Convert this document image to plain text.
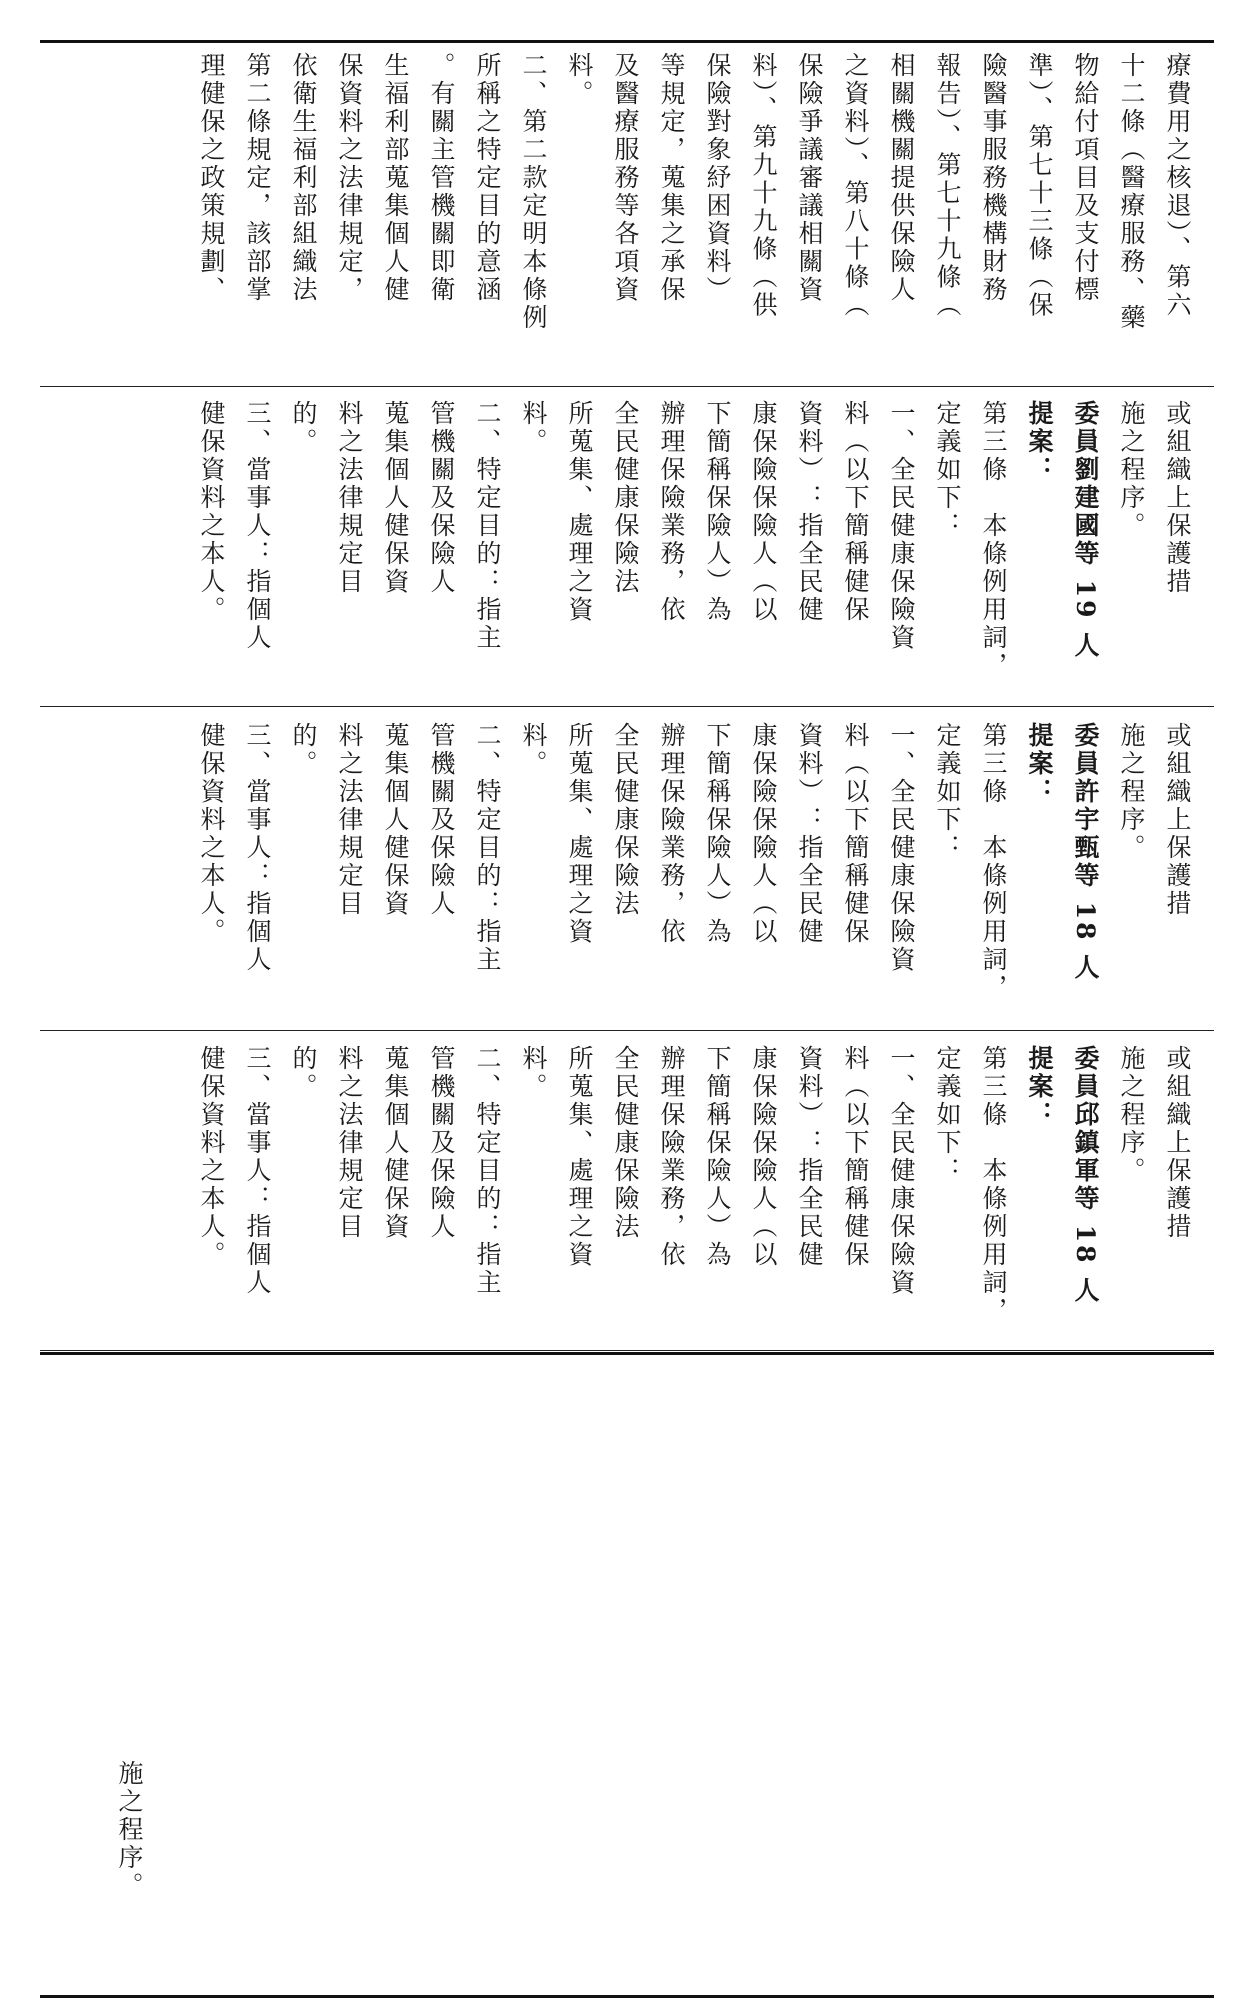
療費用之核退）、第六
十二條（醫療服務、藥
物給付項目及支付標
準）、第七十三條（保
險醫事服務機構財務
報告）、第七十九條（
相關機關提供保險人
之資料）、第八十條（
保險爭議審議相關資
料）、第九十九條（供
保險對象紓困資料）
等規定，蒐集之承保
及醫療服務等各項資
料。
二、第二款定明本條例
所稱之特定目的意涵
。有關主管機關即衛
生福利部蒐集個人健
保資料之法律規定，
依衛生福利部組織法
第二條規定，該部掌
理健保之政策規劃、
或組織上保護措
施之程序。
委員劉建國等 19 人
提案：
第三條　本條例用詞，
定義如下：
一、全民健康保險資
料（以下簡稱健保
資料）：指全民健
康保險保險人（以
下簡稱保險人）為
辦理保險業務，依
全民健康保險法
所蒐集、處理之資
料。
二、特定目的：指主
管機關及保險人
蒐集個人健保資
料之法律規定目
的。
三、當事人：指個人
健保資料之本人。
或組織上保護措
施之程序。
委員許宇甄等 18 人
提案：
第三條　本條例用詞，
定義如下：
一、全民健康保險資
料（以下簡稱健保
資料）：指全民健
康保險保險人（以
下簡稱保險人）為
辦理保險業務，依
全民健康保險法
所蒐集、處理之資
料。
二、特定目的：指主
管機關及保險人
蒐集個人健保資
料之法律規定目
的。
三、當事人：指個人
健保資料之本人。
或組織上保護措
施之程序。
委員邱鎮軍等 18 人
提案：
第三條　本條例用詞，
定義如下：
一、全民健康保險資
料（以下簡稱健保
資料）：指全民健
康保險保險人（以
下簡稱保險人）為
辦理保險業務，依
全民健康保險法
所蒐集、處理之資
料。
二、特定目的：指主
管機關及保險人
蒐集個人健保資
料之法律規定目
的。
三、當事人：指個人
健保資料之本人。

施之程序。
